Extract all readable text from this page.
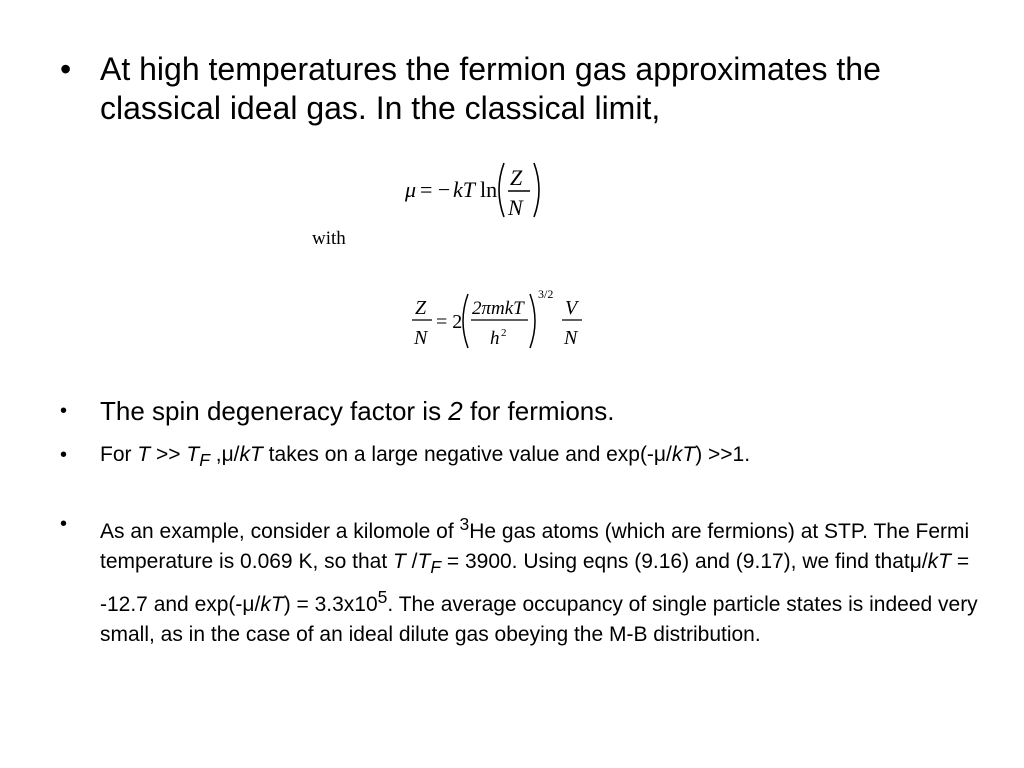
• At high temperatures the fermion gas approximates the classical ideal gas. In the classical limit,
μ = − kT ln Z
N
with
Z
N
= 2
2πmkT
h 2
3/2
V
N
• The spin degeneracy factor is 2 for fermions.
• For $T >> T_F$ ,μ/kT takes on a large negative value and exp(-μ/kT) >>1.
• As an example, consider a kilomole of $^3$He gas atoms (which are fermions) at STP. The Fermi temperature is 0.069 K, so that T $/T_F = 3900$. Using eqns (9.16) and (9.17), we find thatμ/kT = -12.7 and $\exp(-\mu/kT) = 3.3x10^5$. The average occupancy of single particle states is indeed very small, as in the case of an ideal dilute gas obeying the M-B distribution.
